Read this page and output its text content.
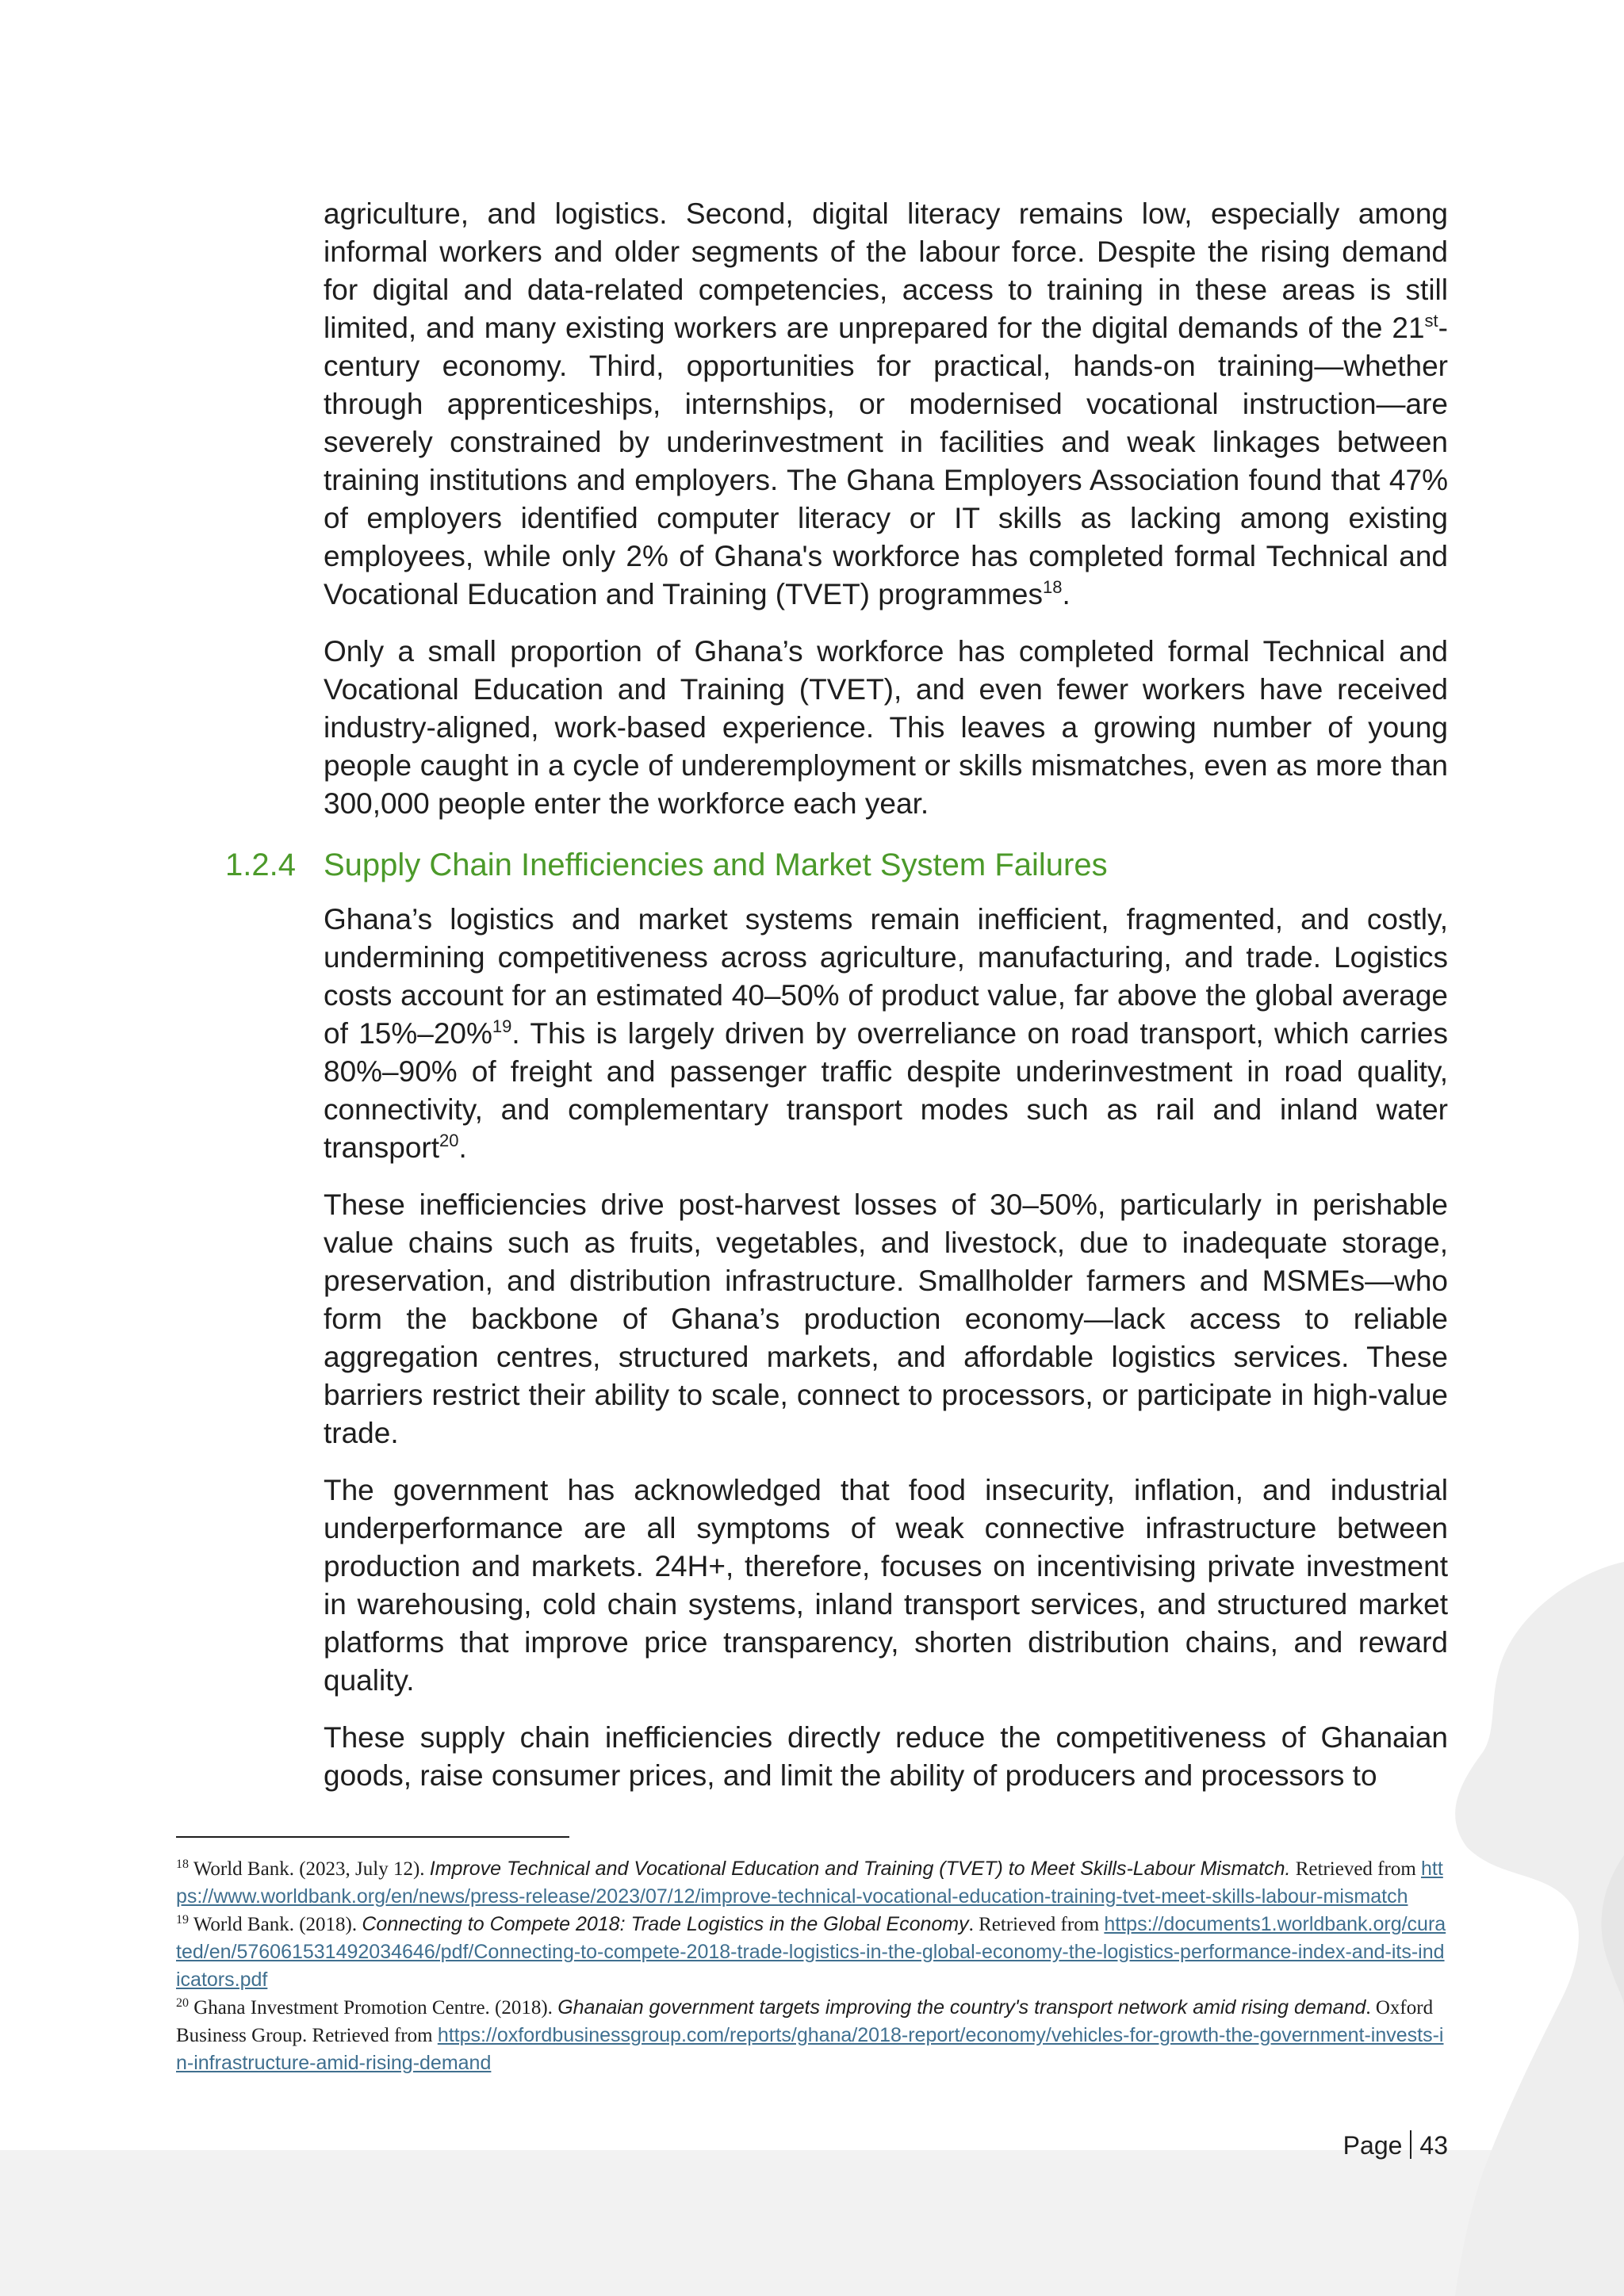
agriculture, and logistics. Second, digital literacy remains low, especially among informal workers and older segments of the labour force. Despite the rising demand for digital and data-related competencies, access to training in these areas is still limited, and many existing workers are unprepared for the digital demands of the 21st-century economy. Third, opportunities for practical, hands-on training—whether through apprenticeships, internships, or modernised vocational instruction—are severely constrained by underinvestment in facilities and weak linkages between training institutions and employers. The Ghana Employers Association found that 47% of employers identified computer literacy or IT skills as lacking among existing employees, while only 2% of Ghana's workforce has completed formal Technical and Vocational Education and Training (TVET) programmes$^{18}$.

Only a small proportion of Ghana’s workforce has completed formal Technical and Vocational Education and Training (TVET), and even fewer workers have received industry-aligned, work-based experience. This leaves a growing number of young people caught in a cycle of underemployment or skills mismatches, even as more than 300,000 people enter the workforce each year.

1.2.4 Supply Chain Inefficiencies and Market System Failures

Ghana’s logistics and market systems remain inefficient, fragmented, and costly, undermining competitiveness across agriculture, manufacturing, and trade. Logistics costs account for an estimated 40–50% of product value, far above the global average of 15%–20%$^{19}$. This is largely driven by overreliance on road transport, which carries 80%–90% of freight and passenger traffic despite underinvestment in road quality, connectivity, and complementary transport modes such as rail and inland water transport$^{20}$.

These inefficiencies drive post-harvest losses of 30–50%, particularly in perishable value chains such as fruits, vegetables, and livestock, due to inadequate storage, preservation, and distribution infrastructure. Smallholder farmers and MSMEs—who form the backbone of Ghana’s production economy—lack access to reliable aggregation centres, structured markets, and affordable logistics services. These barriers restrict their ability to scale, connect to processors, or participate in high-value trade.

The government has acknowledged that food insecurity, inflation, and industrial underperformance are all symptoms of weak connective infrastructure between production and markets. 24H+, therefore, focuses on incentivising private investment in warehousing, cold chain systems, inland transport services, and structured market platforms that improve price transparency, shorten distribution chains, and reward quality.

These supply chain inefficiencies directly reduce the competitiveness of Ghanaian goods, raise consumer prices, and limit the ability of producers and processors to

$^{18}$ World Bank. (2023, July 12). Improve Technical and Vocational Education and Training (TVET) to Meet Skills-Labour Mismatch. Retrieved from https://www.worldbank.org/en/news/press-release/2023/07/12/improve-technical-vocational-education-training-tvet-meet-skills-labour-mismatch

$^{19}$ World Bank. (2018). Connecting to Compete 2018: Trade Logistics in the Global Economy. Retrieved from https://documents1.worldbank.org/curated/en/576061531492034646/pdf/Connecting-to-compete-2018-trade-logistics-in-the-global-economy-the-logistics-performance-index-and-its-indicators.pdf

$^{20}$ Ghana Investment Promotion Centre. (2018). Ghanaian government targets improving the country's transport network amid rising demand. Oxford Business Group. Retrieved from https://oxfordbusinessgroup.com/reports/ghana/2018-report/economy/vehicles-for-growth-the-government-invests-in-infrastructure-amid-rising-demand

Page 43
